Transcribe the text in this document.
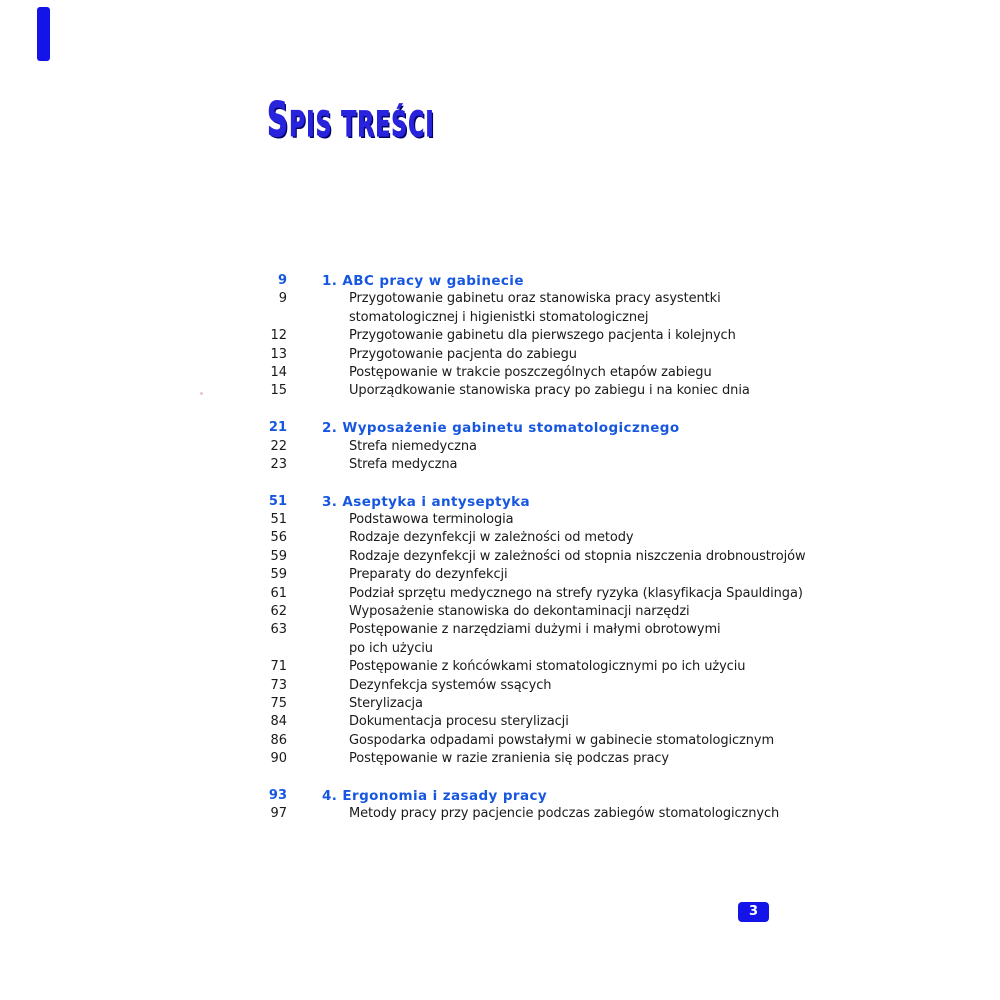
SPIS TREŚCI
9	1. ABC pracy w gabinecie
9	Przygotowanie gabinetu oraz stanowiska pracy asystentki
stomatologicznej i higienistki stomatologicznej
12	Przygotowanie gabinetu dla pierwszego pacjenta i kolejnych
13	Przygotowanie pacjenta do zabiegu
14	Postępowanie w trakcie poszczególnych etapów zabiegu
15	Uporządkowanie stanowiska pracy po zabiegu i na koniec dnia
21	2. Wyposażenie gabinetu stomatologicznego
22	Strefa niemedyczna
23	Strefa medyczna
51	3. Aseptyka i antyseptyka
51	Podstawowa terminologia
56	Rodzaje dezynfekcji w zależności od metody
59	Rodzaje dezynfekcji w zależności od stopnia niszczenia drobnoustrojów
59	Preparaty do dezynfekcji
61	Podział sprzętu medycznego na strefy ryzyka (klasyfikacja Spauldinga)
62	Wyposażenie stanowiska do dekontaminacji narzędzi
63	Postępowanie z narzędziami dużymi i małymi obrotowymi
po ich użyciu
71	Postępowanie z końcówkami stomatologicznymi po ich użyciu
73	Dezynfekcja systemów ssących
75	Sterylizacja
84	Dokumentacja procesu sterylizacji
86	Gospodarka odpadami powstałymi w gabinecie stomatologicznym
90	Postępowanie w razie zranienia się podczas pracy
93	4. Ergonomia i zasady pracy
97	Metody pracy przy pacjencie podczas zabiegów stomatologicznych
3
